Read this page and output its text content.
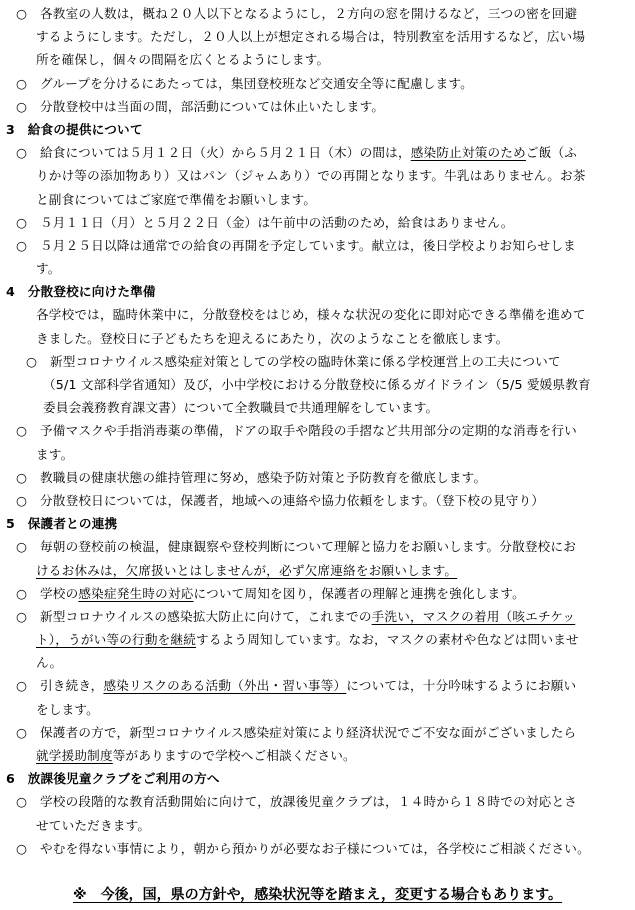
○　各教室の人数は，概ね２０人以下となるようにし，２方向の窓を開けるなど，三つの密を回避
するようにします。ただし，２０人以上が想定される場合は，特別教室を活用するなど，広い場
所を確保し，個々の間隔を広くとるようにします。
○　グループを分けるにあたっては，集団登校班など交通安全等に配慮します。
○　分散登校中は当面の間，部活動については休止いたします。
3　給食の提供について
○　給食については５月１２日（火）から５月２１日（木）の間は，感染防止対策のためご飯（ふ
りかけ等の添加物あり）又はパン（ジャムあり）での再開となります。牛乳はありません。お茶
と副食についてはご家庭で準備をお願いします。
○　５月１１日（月）と５月２２日（金）は午前中の活動のため，給食はありません。
○　５月２５日以降は通常での給食の再開を予定しています。献立は，後日学校よりお知らせしま
す。
4　分散登校に向けた準備
各学校では，臨時休業中に，分散登校をはじめ，様々な状況の変化に即対応できる準備を進めて
きました。登校日に子どもたちを迎えるにあたり，次のようなことを徹底します。
○　新型コロナウイルス感染症対策としての学校の臨時休業に係る学校運営上の工夫について
（5/1 文部科学省通知）及び，小中学校における分散登校に係るガイドライン（5/5 愛媛県教育
委員会義務教育課文書）について全教職員で共通理解をしています。
○　予備マスクや手指消毒薬の準備，ドアの取手や階段の手摺など共用部分の定期的な消毒を行い
ます。
○　教職員の健康状態の維持管理に努め，感染予防対策と予防教育を徹底します。
○　分散登校日については，保護者，地域への連絡や協力依頼をします。（登下校の見守り）
5　保護者との連携
○　毎朝の登校前の検温，健康観察や登校判断について理解と協力をお願いします。分散登校にお
けるお休みは，欠席扱いとはしませんが，必ず欠席連絡をお願いします。
○　学校の感染症発生時の対応について周知を図り，保護者の理解と連携を強化します。
○　新型コロナウイルスの感染拡大防止に向けて，これまでの手洗い，マスクの着用（咳エチケッ
ト），うがい等の行動を継続するよう周知しています。なお，マスクの素材や色などは問いませ
ん。
○　引き続き，感染リスクのある活動（外出・習い事等）については，十分吟味するようにお願い
をします。
○　保護者の方で，新型コロナウイルス感染症対策により経済状況でご不安な面がございましたら
就学援助制度等がありますので学校へご相談ください。
6　放課後児童クラブをご利用の方へ
○　学校の段階的な教育活動開始に向けて，放課後児童クラブは，１４時から１８時での対応とさ
せていただきます。
○　やむを得ない事情により，朝から預かりが必要なお子様については，各学校にご相談ください。
※　今後，国，県の方針や，感染状況等を踏まえ，変更する場合もあります。
